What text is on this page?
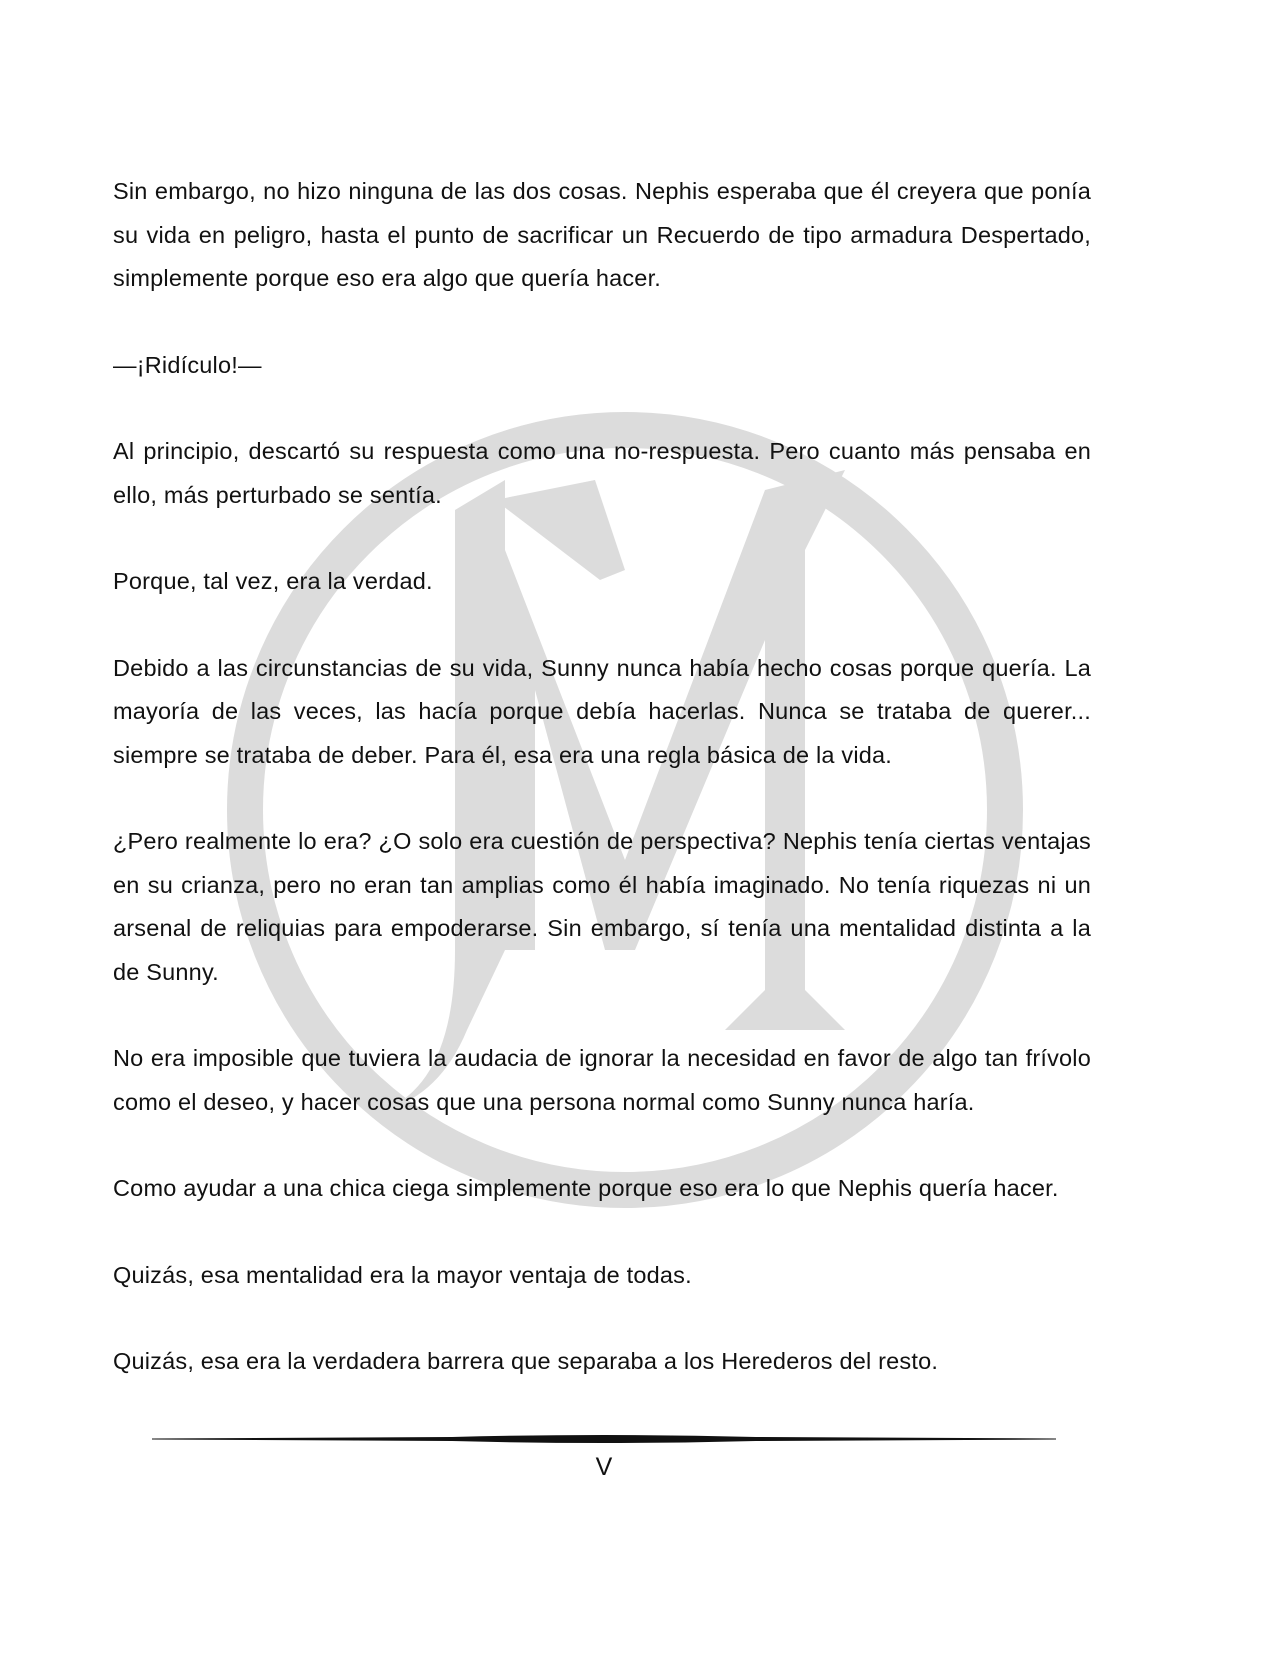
Sin embargo, no hizo ninguna de las dos cosas. Nephis esperaba que él creyera que ponía su vida en peligro, hasta el punto de sacrificar un Recuerdo de tipo armadura Despertado, simplemente porque eso era algo que quería hacer.

—¡Ridículo!—

Al principio, descartó su respuesta como una no-respuesta. Pero cuanto más pensaba en ello, más perturbado se sentía.

Porque, tal vez, era la verdad.

Debido a las circunstancias de su vida, Sunny nunca había hecho cosas porque quería. La mayoría de las veces, las hacía porque debía hacerlas. Nunca se trataba de querer... siempre se trataba de deber. Para él, esa era una regla básica de la vida.

¿Pero realmente lo era? ¿O solo era cuestión de perspectiva? Nephis tenía ciertas ventajas en su crianza, pero no eran tan amplias como él había imaginado. No tenía riquezas ni un arsenal de reliquias para empoderarse. Sin embargo, sí tenía una mentalidad distinta a la de Sunny.

No era imposible que tuviera la audacia de ignorar la necesidad en favor de algo tan frívolo como el deseo, y hacer cosas que una persona normal como Sunny nunca haría.

Como ayudar a una chica ciega simplemente porque eso era lo que Nephis quería hacer.

Quizás, esa mentalidad era la mayor ventaja de todas.

Quizás, esa era la verdadera barrera que separaba a los Herederos del resto.

V
